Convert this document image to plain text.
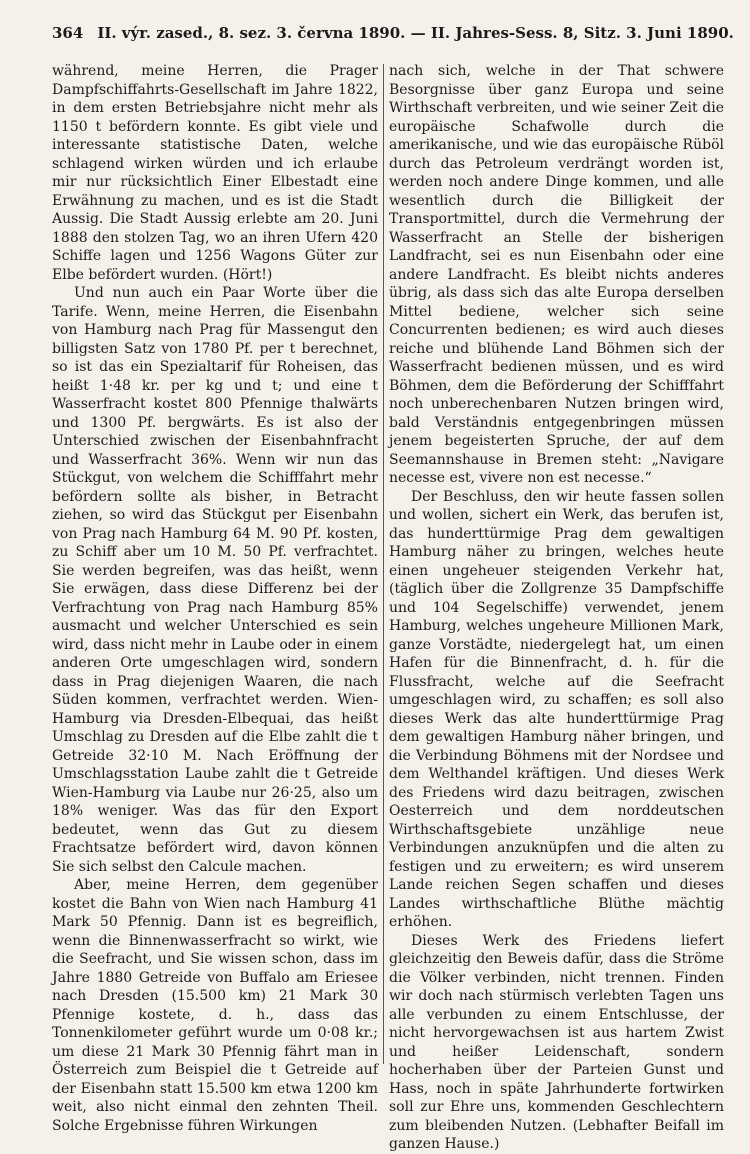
364 II. výr. zased., 8. sez. 3. června 1890. — II. Jahres-Sess. 8, Sitz. 3. Juni 1890.

während, meine Herren, die Prager Dampfschiffahrts-Gesellschaft im Jahre 1822, in dem ersten Betriebsjahre nicht mehr als 1150 t befördern konnte. Es gibt viele und interessante statistische Daten, welche schlagend wirken würden und ich erlaube mir nur rücksichtlich Einer Elbestadt eine Erwähnung zu machen, und es ist die Stadt Aussig. Die Stadt Aussig erlebte am 20. Juni 1888 den stolzen Tag, wo an ihren Ufern 420 Schiffe lagen und 1256 Wagons Güter zur Elbe befördert wurden. (Hört!)

Und nun auch ein Paar Worte über die Tarife. Wenn, meine Herren, die Eisenbahn von Hamburg nach Prag für Massengut den billigsten Satz von 1780 Pf. per t berechnet, so ist das ein Spezialtarif für Roheisen, das heißt 1·48 kr. per kg und t; und eine t Wasserfracht kostet 800 Pfennige thalwärts und 1300 Pf. bergwärts. Es ist also der Unterschied zwischen der Eisenbahnfracht und Wasserfracht 36%. Wenn wir nun das Stückgut, von welchem die Schifffahrt mehr befördern sollte als bisher, in Betracht ziehen, so wird das Stückgut per Eisenbahn von Prag nach Hamburg 64 M. 90 Pf. kosten, zu Schiff aber um 10 M. 50 Pf. verfrachtet. Sie werden begreifen, was das heißt, wenn Sie erwägen, dass diese Differenz bei der Verfrachtung von Prag nach Hamburg 85% ausmacht und welcher Unterschied es sein wird, dass nicht mehr in Laube oder in einem anderen Orte umgeschlagen wird, sondern dass in Prag diejenigen Waaren, die nach Süden kommen, verfrachtet werden. Wien-Hamburg via Dresden-Elbequai, das heißt Umschlag zu Dresden auf die Elbe zahlt die t Getreide 32·10 M. Nach Eröffnung der Umschlagsstation Laube zahlt die t Getreide Wien-Hamburg via Laube nur 26·25, also um 18% weniger. Was das für den Export bedeutet, wenn das Gut zu diesem Frachtsatze befördert wird, davon können Sie sich selbst den Calcule machen.

Aber, meine Herren, dem gegenüber kostet die Bahn von Wien nach Hamburg 41 Mark 50 Pfennig. Dann ist es begreiflich, wenn die Binnenwasserfracht so wirkt, wie die Seefracht, und Sie wissen schon, dass im Jahre 1880 Getreide von Buffalo am Eriesee nach Dresden (15.500 km) 21 Mark 30 Pfennige kostete, d. h., dass das Tonnenkilometer geführt wurde um 0·08 kr.; um diese 21 Mark 30 Pfennig fährt man in Österreich zum Beispiel die t Getreide auf der Eisenbahn statt 15.500 km etwa 1200 km weit, also nicht einmal den zehnten Theil. Solche Ergebnisse führen Wirkungen

nach sich, welche in der That schwere Besorgnisse über ganz Europa und seine Wirthschaft verbreiten, und wie seiner Zeit die europäische Schafwolle durch die amerikanische, und wie das europäische Rüböl durch das Petroleum verdrängt worden ist, werden noch andere Dinge kommen, und alle wesentlich durch die Billigkeit der Transportmittel, durch die Vermehrung der Wasserfracht an Stelle der bisherigen Landfracht, sei es nun Eisenbahn oder eine andere Landfracht. Es bleibt nichts anderes übrig, als dass sich das alte Europa derselben Mittel bediene, welcher sich seine Concurrenten bedienen; es wird auch dieses reiche und blühende Land Böhmen sich der Wasserfracht bedienen müssen, und es wird Böhmen, dem die Beförderung der Schifffahrt noch unberechenbaren Nutzen bringen wird, bald Verständnis entgegenbringen müssen jenem begeisterten Spruche, der auf dem Seemannshause in Bremen steht: „Navigare necesse est, vivere non est necesse.“

Der Beschluss, den wir heute fassen sollen und wollen, sichert ein Werk, das berufen ist, das hunderttürmige Prag dem gewaltigen Hamburg näher zu bringen, welches heute einen ungeheuer steigenden Verkehr hat, (täglich über die Zollgrenze 35 Dampfschiffe und 104 Segelschiffe) verwendet, jenem Hamburg, welches ungeheure Millionen Mark, ganze Vorstädte, niedergelegt hat, um einen Hafen für die Binnenfracht, d. h. für die Flussfracht, welche auf die Seefracht umgeschlagen wird, zu schaffen; es soll also dieses Werk das alte hunderttürmige Prag dem gewaltigen Hamburg näher bringen, und die Verbindung Böhmens mit der Nordsee und dem Welthandel kräftigen. Und dieses Werk des Friedens wird dazu beitragen, zwischen Oesterreich und dem norddeutschen Wirthschaftsgebiete unzählige neue Verbindungen anzuknüpfen und die alten zu festigen und zu erweitern; es wird unserem Lande reichen Segen schaffen und dieses Landes wirthschaftliche Blüthe mächtig erhöhen.

Dieses Werk des Friedens liefert gleichzeitig den Beweis dafür, dass die Ströme die Völker verbinden, nicht trennen. Finden wir doch nach stürmisch verlebten Tagen uns alle verbunden zu einem Entschlusse, der nicht hervorgewachsen ist aus hartem Zwist und heißer Leidenschaft, sondern hocherhaben über der Parteien Gunst und Hass, noch in späte Jahrhunderte fortwirken soll zur Ehre uns, kommenden Geschlechtern zum bleibenden Nutzen. (Lebhafter Beifall im ganzen Hause.)
